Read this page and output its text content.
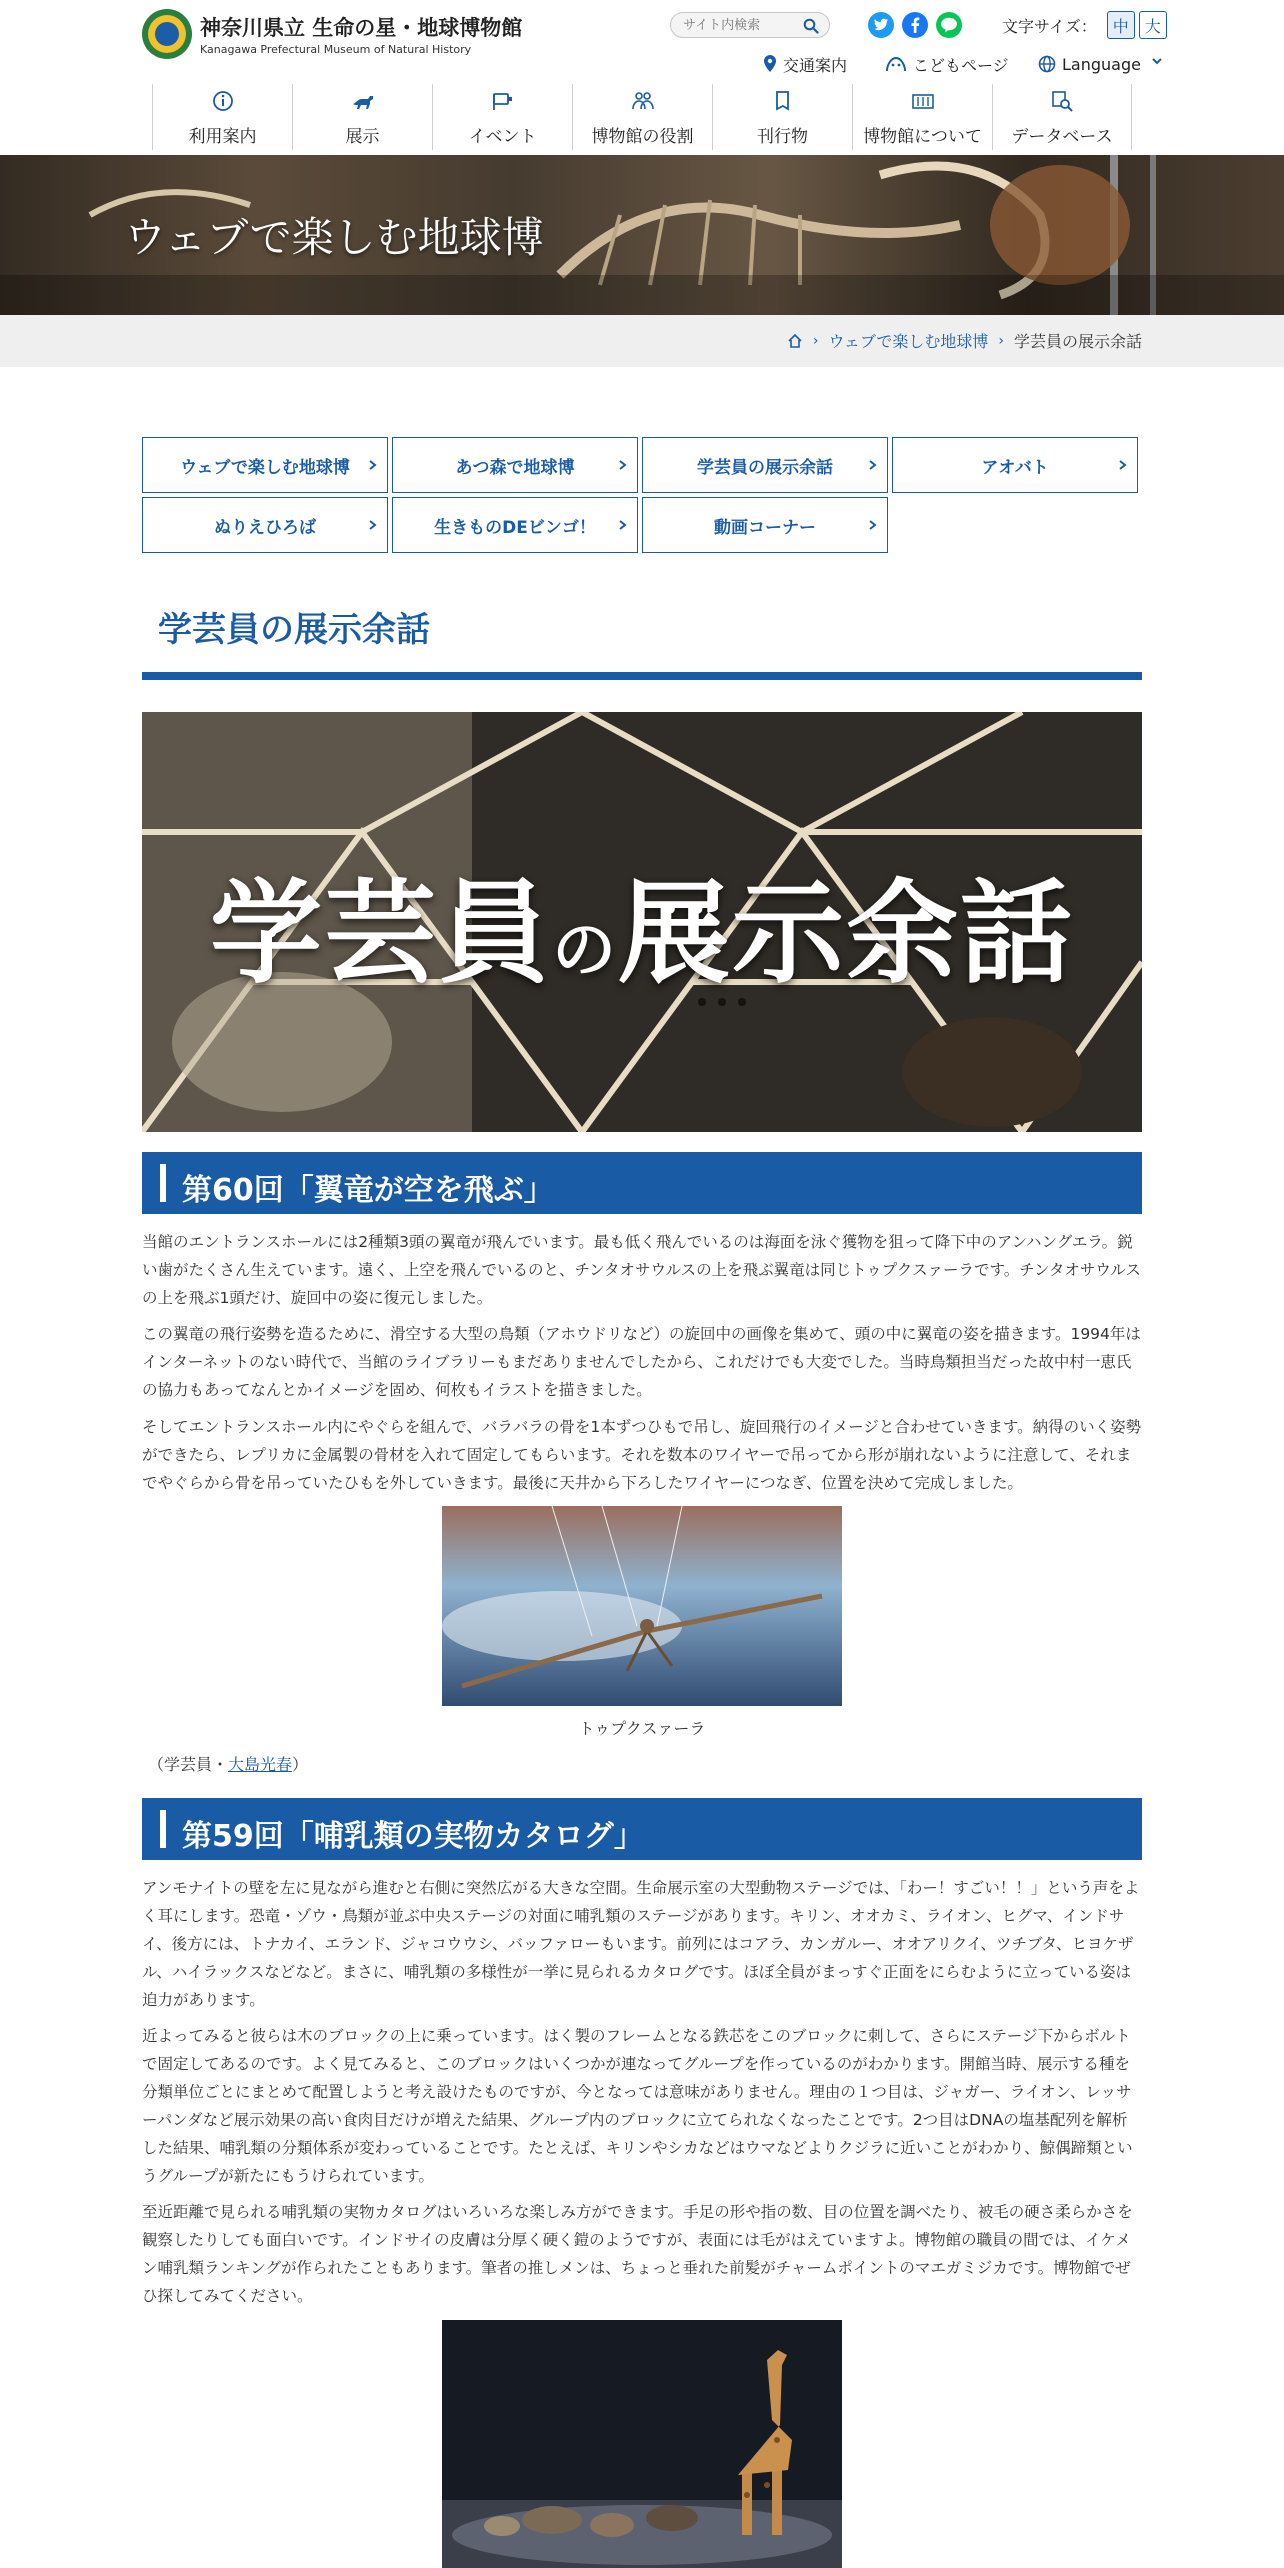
神奈川県立 生命の星・地球博物館
Kanagawa Prefectural Museum of Natural History
サイト内検索
文字サイズ： 中 大
交通案内	こどもページ	Language
利用案内	展示	イベント	博物館の役割	刊行物	博物館について データベース
ウェブで楽しむ地球博
› ウェブで楽しむ地球博 › 学芸員の展示余話
ウェブで楽しむ地球博	あつ森で地球博	学芸員の展示余話	アオバト
ぬりえひろば	生きものDEビンゴ！	動画コーナー
学芸員の展示余話
学芸員の展示余話
第60回「翼竜が空を飛ぶ」
当館のエントランスホールには2種類3頭の翼竜が飛んでいます。最も低く飛んでいるのは海面を泳ぐ獲物を狙って降下中のアンハングエラ。鋭い歯がたくさん生えています。遠く、上空を飛んでいるのと、チンタオサウルスの上を飛ぶ翼竜は同じトゥプクスァーラです。チンタオサウルスの上を飛ぶ1頭だけ、旋回中の姿に復元しました。
この翼竜の飛行姿勢を造るために、滑空する大型の鳥類（アホウドリなど）の旋回中の画像を集めて、頭の中に翼竜の姿を描きます。1994年はインターネットのない時代で、当館のライブラリーもまだありませんでしたから、これだけでも大変でした。当時鳥類担当だった故中村一恵氏の協力もあってなんとかイメージを固め、何枚もイラストを描きました。
そしてエントランスホール内にやぐらを組んで、バラバラの骨を1本ずつひもで吊し、旋回飛行のイメージと合わせていきます。納得のいく姿勢ができたら、レプリカに金属製の骨材を入れて固定してもらいます。それを数本のワイヤーで吊ってから形が崩れないように注意して、それまでやぐらから骨を吊っていたひもを外していきます。最後に天井から下ろしたワイヤーにつなぎ、位置を決めて完成しました。
トゥプクスァーラ
（学芸員・大島光春）
第59回「哺乳類の実物カタログ」
アンモナイトの壁を左に見ながら進むと右側に突然広がる大きな空間。生命展示室の大型動物ステージでは、「わー！すごい！！」という声をよく耳にします。恐竜・ゾウ・鳥類が並ぶ中央ステージの対面に哺乳類のステージがあります。キリン、オオカミ、ライオン、ヒグマ、インドサイ、後方には、トナカイ、エランド、ジャコウウシ、バッファローもいます。前列にはコアラ、カンガルー、オオアリクイ、ツチブタ、ヒヨケザル、ハイラックスなどなど。まさに、哺乳類の多様性が一挙に見られるカタログです。ほぼ全員がまっすぐ正面をにらむように立っている姿は迫力があります。
近よってみると彼らは木のブロックの上に乗っています。はく製のフレームとなる鉄芯をこのブロックに刺して、さらにステージ下からボルトで固定してあるのです。よく見てみると、このブロックはいくつかが連なってグループを作っているのがわかります。開館当時、展示する種を分類単位ごとにまとめて配置しようと考え設けたものですが、今となっては意味がありません。理由の１つ目は、ジャガー、ライオン、レッサーパンダなど展示効果の高い食肉目だけが増えた結果、グループ内のブロックに立てられなくなったことです。2つ目はDNAの塩基配列を解析した結果、哺乳類の分類体系が変わっていることです。たとえば、キリンやシカなどはウマなどよりクジラに近いことがわかり、鯨偶蹄類というグループが新たにもうけられています。
至近距離で見られる哺乳類の実物カタログはいろいろな楽しみ方ができます。手足の形や指の数、目の位置を調べたり、被毛の硬さ柔らかさを観察したりしても面白いです。インドサイの皮膚は分厚く硬く鎧のようですが、表面には毛がはえていますよ。博物館の職員の間では、イケメン哺乳類ランキングが作られたこともあります。筆者の推しメンは、ちょっと垂れた前髪がチャームポイントのマエガミジカです。博物館でぜひ探してみてください。
